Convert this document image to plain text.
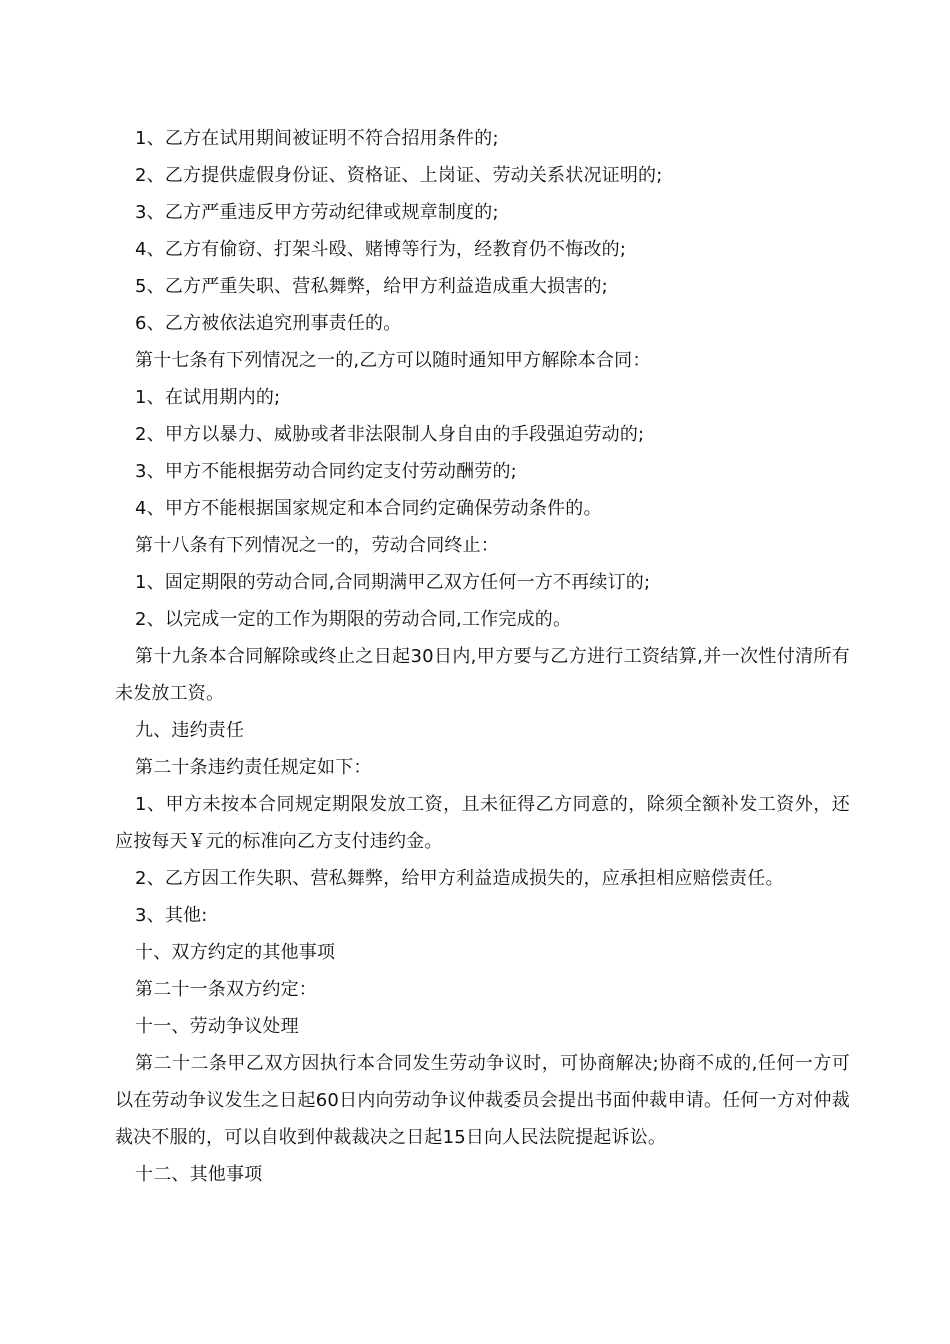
1、乙方在试用期间被证明不符合招用条件的;

2、乙方提供虚假身份证、资格证、上岗证、劳动关系状况证明的;

3、乙方严重违反甲方劳动纪律或规章制度的;

4、乙方有偷窃、打架斗殴、赌博等行为，经教育仍不悔改的;

5、乙方严重失职、营私舞弊，给甲方利益造成重大损害的;

6、乙方被依法追究刑事责任的。

第十七条有下列情况之一的,乙方可以随时通知甲方解除本合同：

1、在试用期内的;

2、甲方以暴力、威胁或者非法限制人身自由的手段强迫劳动的;

3、甲方不能根据劳动合同约定支付劳动酬劳的;

4、甲方不能根据国家规定和本合同约定确保劳动条件的。

第十八条有下列情况之一的，劳动合同终止：

1、固定期限的劳动合同,合同期满甲乙双方任何一方不再续订的;

2、以完成一定的工作为期限的劳动合同,工作完成的。

第十九条本合同解除或终止之日起30日内,甲方要与乙方进行工资结算,并一次性付清所有未发放工资。

九、违约责任

第二十条违约责任规定如下：

1、甲方未按本合同规定期限发放工资，且未征得乙方同意的，除须全额补发工资外，还应按每天￥元的标准向乙方支付违约金。

2、乙方因工作失职、营私舞弊，给甲方利益造成损失的，应承担相应赔偿责任。

3、其他:

十、双方约定的其他事项

第二十一条双方约定：

十一、劳动争议处理

第二十二条甲乙双方因执行本合同发生劳动争议时，可协商解决;协商不成的,任何一方可以在劳动争议发生之日起60日内向劳动争议仲裁委员会提出书面仲裁申请。任何一方对仲裁裁决不服的，可以自收到仲裁裁决之日起15日向人民法院提起诉讼。

十二、其他事项
